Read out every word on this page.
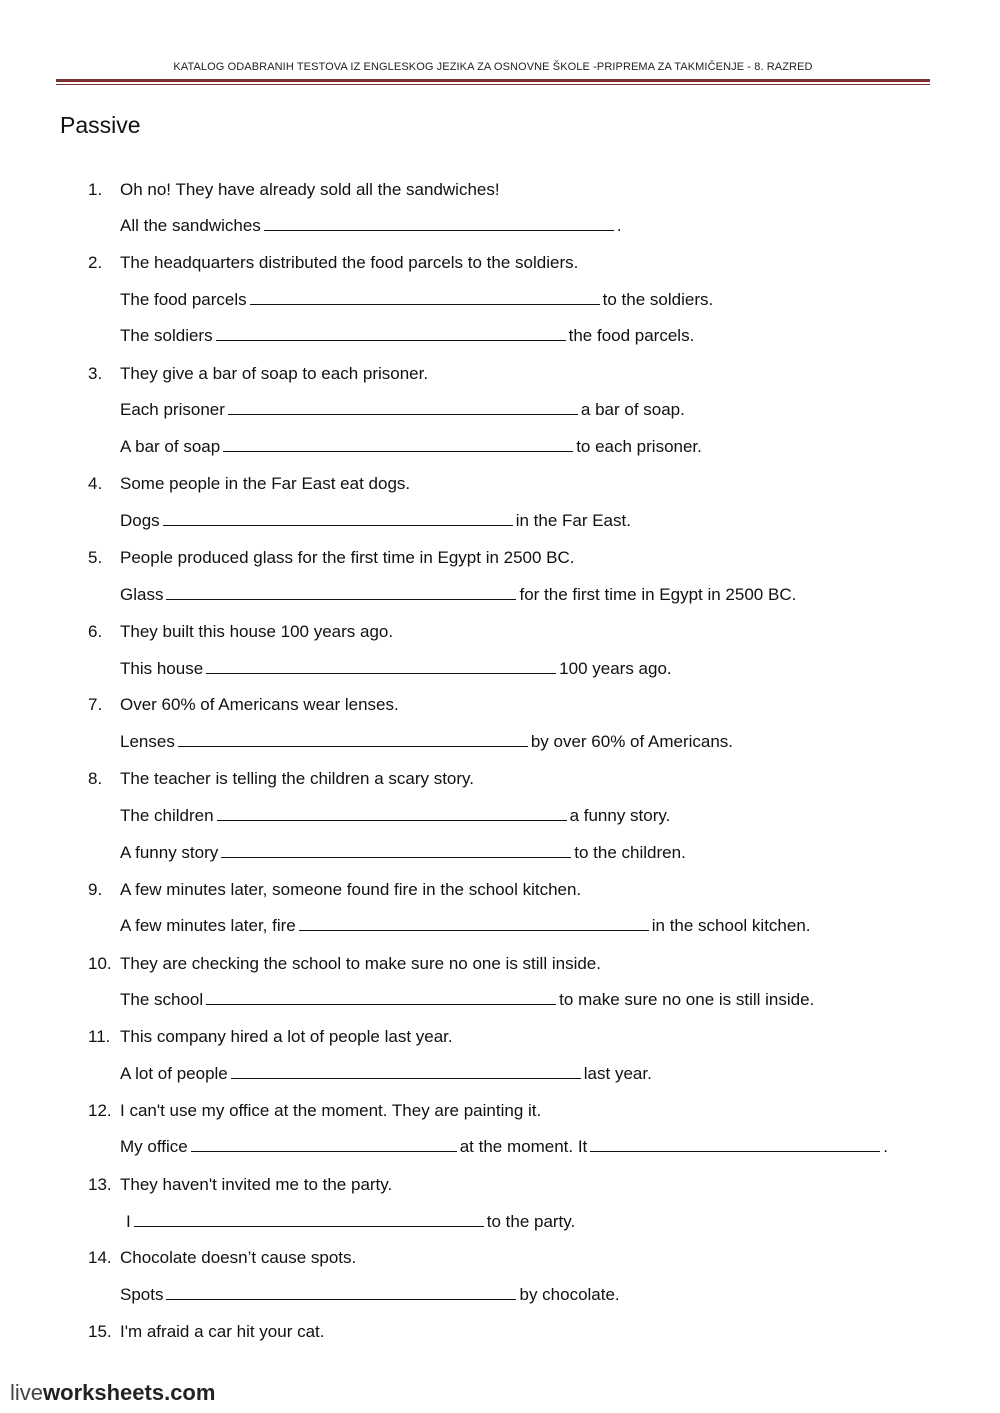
KATALOG ODABRANIH TESTOVA IZ ENGLESKOG JEZIKA ZA OSNOVNE ŠKOLE -PRIPREMA ZA TAKMIČENJE - 8. RAZRED
Passive
1.	Oh no! They have already sold all the sandwiches!
All the sandwiches	.
2.	The headquarters distributed the food parcels to the soldiers.
The food parcels	to the soldiers.
The soldiers	the food parcels.
3.	They give a bar of soap to each prisoner.
Each prisoner	a bar of soap.
A bar of soap	to each prisoner.
4.	Some people in the Far East eat dogs.
Dogs	in the Far East.
5.	People produced glass for the first time in Egypt in 2500 BC.
Glass	for the first time in Egypt in 2500 BC.
6.	They built this house 100 years ago.
This house	100 years ago.
7.	Over 60% of Americans wear lenses.
Lenses	by over 60% of Americans.
8.	The teacher is telling the children a scary story.
The children	a funny story.
A funny story	to the children.
9.	A few minutes later, someone found fire in the school kitchen.
A few minutes later, fire	in the school kitchen.
10. They are checking the school to make sure no one is still inside.
The school	to make sure no one is still inside.
11. This company hired a lot of people last year.
A lot of people	last year.
12. I can't use my office at the moment. They are painting it.
My office	at the moment. It	.
13. They haven't invited me to the party.
I	to the party.
14. Chocolate doesn’t cause spots.
Spots	by chocolate.
15. I'm afraid a car hit your cat.
liveworksheets.com
